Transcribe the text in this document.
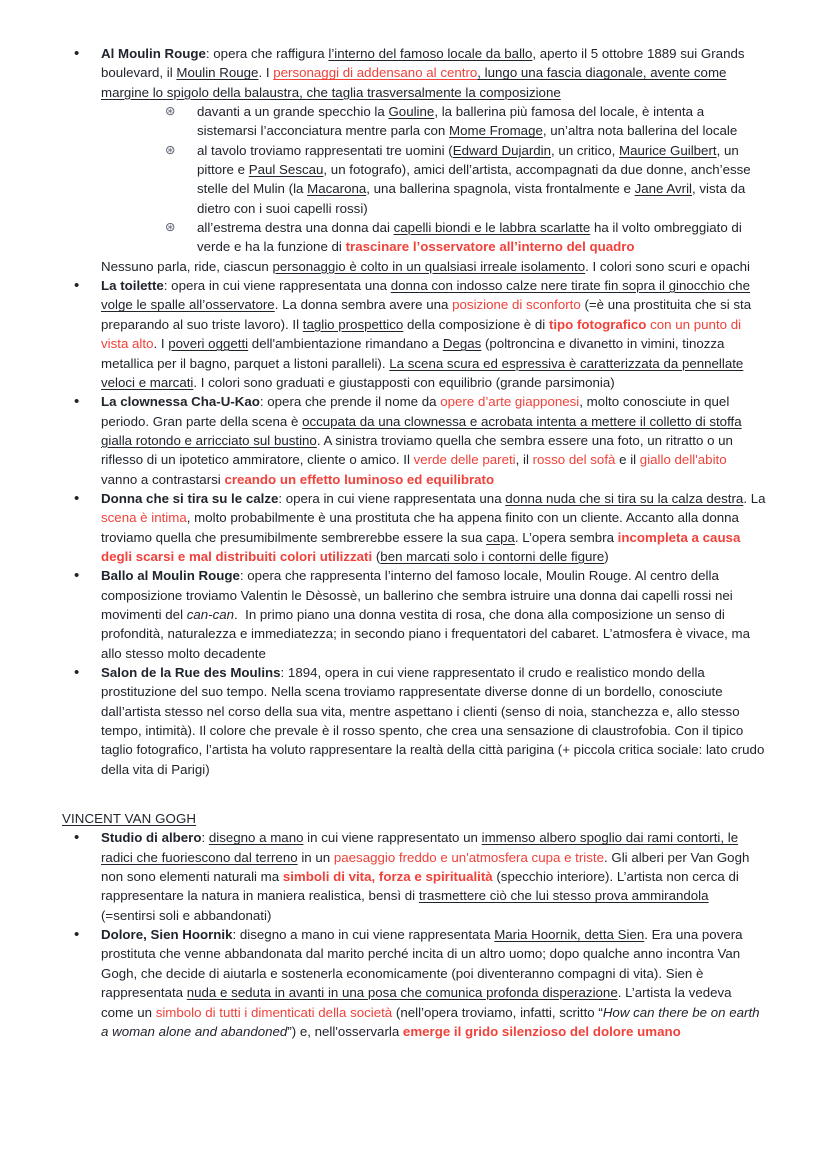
• Al Moulin Rouge: opera che raffigura l’interno del famoso locale da ballo, aperto il 5 ottobre 1889 sui Grands boulevard, il Moulin Rouge. I personaggi di addensano al centro, lungo una fascia diagonale, avente come margine lo spigolo della balaustra, che taglia trasversalmente la composizione

⊛ davanti a un grande specchio la Gouline, la ballerina più famosa del locale, è intenta a sistemarsi l’acconciatura mentre parla con Mome Fromage, un’altra nota ballerina del locale
⊛ al tavolo troviamo rappresentati tre uomini (Edward Dujardin, un critico, Maurice Guilbert, un pittore e Paul Sescau, un fotografo), amici dell’artista, accompagnati da due donne, anch’esse stelle del Mulin (la Macarona, una ballerina spagnola, vista frontalmente e Jane Avril, vista da dietro con i suoi capelli rossi)
⊛ all’estrema destra una donna dai capelli biondi e le labbra scarlatte ha il volto ombreggiato di verde e ha la funzione di trascinare l’osservatore all’interno del quadro

Nessuno parla, ride, ciascun personaggio è colto in un qualsiasi irreale isolamento. I colori sono scuri e opachi

• La toilette: opera in cui viene rappresentata una donna con indosso calze nere tirate fin sopra il ginocchio che volge le spalle all’osservatore. La donna sembra avere una posizione di sconforto (=è una prostituita che si sta preparando al suo triste lavoro). Il taglio prospettico della composizione è di tipo fotografico con un punto di vista alto. I poveri oggetti dell'ambientazione rimandano a Degas (poltroncina e divanetto in vimini, tinozza metallica per il bagno, parquet a listoni paralleli). La scena scura ed espressiva è caratterizzata da pennellate veloci e marcati. I colori sono graduati e giustapposti con equilibrio (grande parsimonia)

• La clownessa Cha-U-Kao: opera che prende il nome da opere d’arte giapponesi, molto conosciute in quel periodo. Gran parte della scena è occupata da una clownessa e acrobata intenta a mettere il colletto di stoffa gialla rotondo e arricciato sul bustino. A sinistra troviamo quella che sembra essere una foto, un ritratto o un riflesso di un ipotetico ammiratore, cliente o amico. Il verde delle pareti, il rosso del sofà e il giallo dell'abito vanno a contrastarsi creando un effetto luminoso ed equilibrato

• Donna che si tira su le calze: opera in cui viene rappresentata una donna nuda che si tira su la calza destra. La scena è intima, molto probabilmente è una prostituta che ha appena finito con un cliente. Accanto alla donna troviamo quella che presumibilmente sembrerebbe essere la sua capa. L’opera sembra incompleta a causa degli scarsi e mal distribuiti colori utilizzati (ben marcati solo i contorni delle figure)

• Ballo al Moulin Rouge: opera che rappresenta l’interno del famoso locale, Moulin Rouge. Al centro della composizione troviamo Valentin le Dèsossè, un ballerino che sembra istruire una donna dai capelli rossi nei movimenti del can-can.  In primo piano una donna vestita di rosa, che dona alla composizione un senso di profondità, naturalezza e immediatezza; in secondo piano i frequentatori del cabaret. L’atmosfera è vivace, ma allo stesso molto decadente

• Salon de la Rue des Moulins: 1894, opera in cui viene rappresentato il crudo e realistico mondo della prostituzione del suo tempo. Nella scena troviamo rappresentate diverse donne di un bordello, conosciute dall’artista stesso nel corso della sua vita, mentre aspettano i clienti (senso di noia, stanchezza e, allo stesso tempo, intimità). Il colore che prevale è il rosso spento, che crea una sensazione di claustrofobia. Con il tipico taglio fotografico, l’artista ha voluto rappresentare la realtà della città parigina (+ piccola critica sociale: lato crudo della vita di Parigi)

VINCENT VAN GOGH

• Studio di albero: disegno a mano in cui viene rappresentato un immenso albero spoglio dai rami contorti, le radici che fuoriescono dal terreno in un paesaggio freddo e un'atmosfera cupa e triste. Gli alberi per Van Gogh non sono elementi naturali ma simboli di vita, forza e spiritualità (specchio interiore). L’artista non cerca di rappresentare la natura in maniera realistica, bensì di trasmettere ciò che lui stesso prova ammirandola (=sentirsi soli e abbandonati)

• Dolore, Sien Hoornik: disegno a mano in cui viene rappresentata Maria Hoornik, detta Sien. Era una povera prostituta che venne abbandonata dal marito perché incita di un altro uomo; dopo qualche anno incontra Van Gogh, che decide di aiutarla e sostenerla economicamente (poi diventeranno compagni di vita). Sien è rappresentata nuda e seduta in avanti in una posa che comunica profonda disperazione. L’artista la vedeva come un simbolo di tutti i dimenticati della società (nell’opera troviamo, infatti, scritto “How can there be on earth a woman alone and abandoned”) e, nell'osservarla emerge il grido silenzioso del dolore umano
